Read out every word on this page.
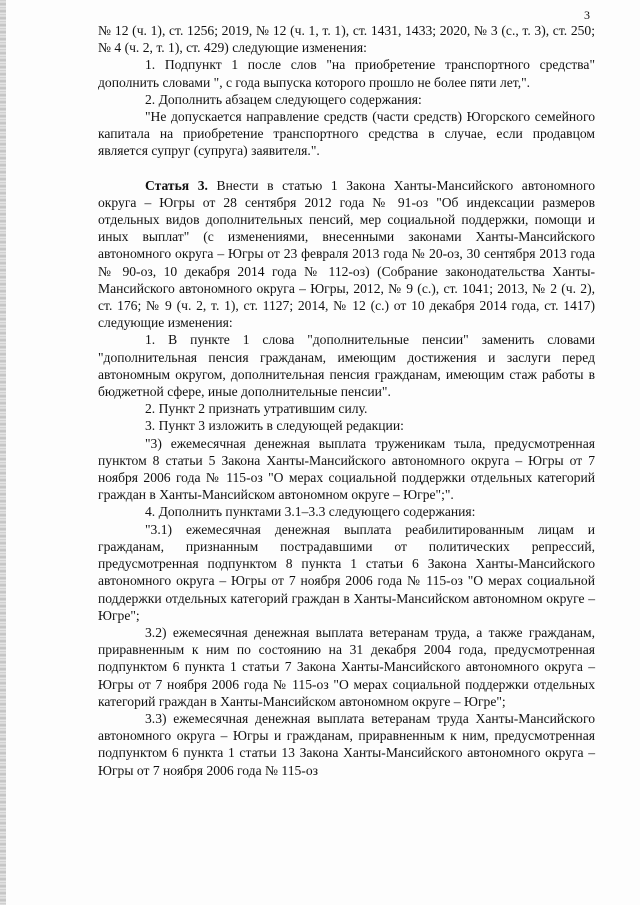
3

№ 12 (ч. 1), ст. 1256; 2019, № 12 (ч. 1, т. 1), ст. 1431, 1433; 2020, № 3 (с., т. 3), ст. 250; № 4 (ч. 2, т. 1), ст. 429) следующие изменения:

1. Подпункт 1 после слов "на приобретение транспортного средства" дополнить словами ", с года выпуска которого прошло не более пяти лет,".

2. Дополнить абзацем следующего содержания:

"Не допускается направление средств (части средств) Югорского семейного капитала на приобретение транспортного средства в случае, если продавцом является супруг (супруга) заявителя.".

Статья 3. Внести в статью 1 Закона Ханты-Мансийского автономного округа – Югры от 28 сентября 2012 года № 91-оз "Об индексации размеров отдельных видов дополнительных пенсий, мер социальной поддержки, помощи и иных выплат" (с изменениями, внесенными законами Ханты-Мансийского автономного округа – Югры от 23 февраля 2013 года № 20-оз, 30 сентября 2013 года № 90-оз, 10 декабря 2014 года № 112-оз) (Собрание законодательства Ханты-Мансийского автономного округа – Югры, 2012, № 9 (с.), ст. 1041; 2013, № 2 (ч. 2), ст. 176; № 9 (ч. 2, т. 1), ст. 1127; 2014, № 12 (с.) от 10 декабря 2014 года, ст. 1417) следующие изменения:

1. В пункте 1 слова "дополнительные пенсии" заменить словами "дополнительная пенсия гражданам, имеющим достижения и заслуги перед автономным округом, дополнительная пенсия гражданам, имеющим стаж работы в бюджетной сфере, иные дополнительные пенсии".

2. Пункт 2 признать утратившим силу.

3. Пункт 3 изложить в следующей редакции:

"3) ежемесячная денежная выплата труженикам тыла, предусмотренная пунктом 8 статьи 5 Закона Ханты-Мансийского автономного округа – Югры от 7 ноября 2006 года № 115-оз "О мерах социальной поддержки отдельных категорий граждан в Ханты-Мансийском автономном округе – Югре";".

4. Дополнить пунктами 3.1–3.3 следующего содержания:

"3.1) ежемесячная денежная выплата реабилитированным лицам и гражданам, признанным пострадавшими от политических репрессий, предусмотренная подпунктом 8 пункта 1 статьи 6 Закона Ханты-Мансийского автономного округа – Югры от 7 ноября 2006 года № 115-оз "О мерах социальной поддержки отдельных категорий граждан в Ханты-Мансийском автономном округе – Югре";

3.2) ежемесячная денежная выплата ветеранам труда, а также гражданам, приравненным к ним по состоянию на 31 декабря 2004 года, предусмотренная подпунктом 6 пункта 1 статьи 7 Закона Ханты-Мансийского автономного округа – Югры от 7 ноября 2006 года № 115-оз "О мерах социальной поддержки отдельных категорий граждан в Ханты-Мансийском автономном округе – Югре";

3.3) ежемесячная денежная выплата ветеранам труда Ханты-Мансийского автономного округа – Югры и гражданам, приравненным к ним, предусмотренная подпунктом 6 пункта 1 статьи 13 Закона Ханты-Мансийского автономного округа – Югры от 7 ноября 2006 года № 115-оз
